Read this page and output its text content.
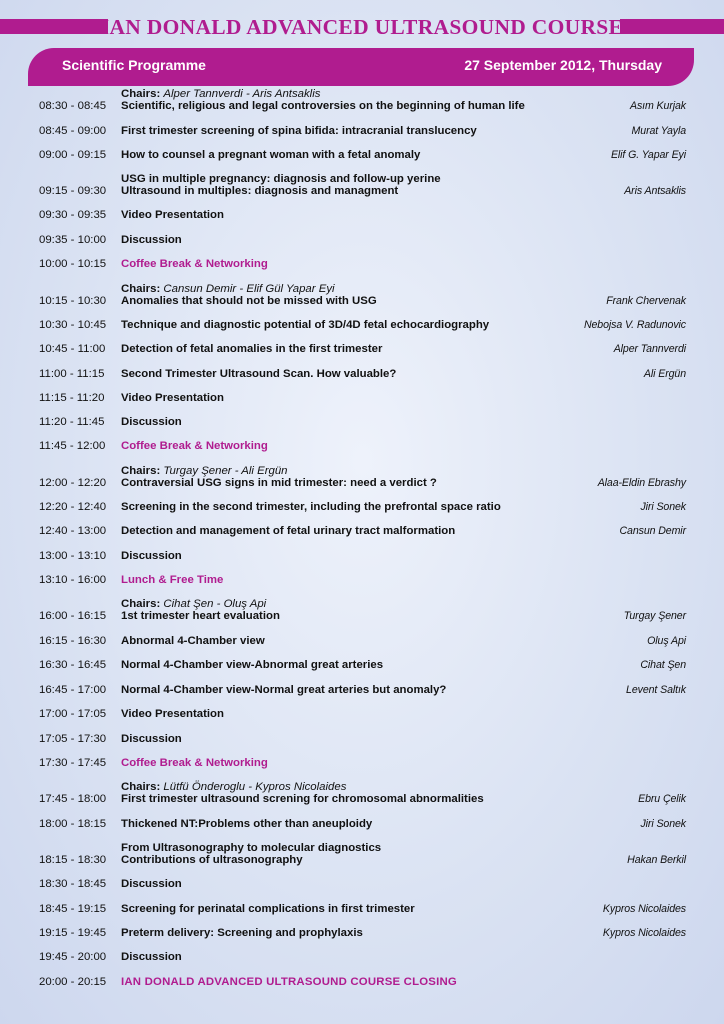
IAN DONALD ADVANCED ULTRASOUND COURSE
Scientific Programme	27 September 2012, Thursday
08:30 - 08:45
Chairs: Alper Tannverdi - Aris Antsaklis
Scientific, religious and legal controversies on the beginning of human life	Asım Kurjak
08:45 - 09:00 First trimester screening of spina bifida: intracranial translucency	Murat Yayla
09:00 - 09:15 How to counsel a pregnant woman with a fetal anomaly	Elif G. Yapar Eyi
09:15 - 09:30
USG in multiple pregnancy: diagnosis and follow-up yerine
Ultrasound in multiples: diagnosis and managment	Aris Antsaklis
09:30 - 09:35 Video Presentation
09:35 - 10:00 Discussion
10:00 - 10:15 Coffee Break & Networking
10:15 - 10:30
Chairs: Cansun Demir - Elif Gül Yapar Eyi
Anomalies that should not be missed with USG	Frank Chervenak
10:30 - 10:45 Technique and diagnostic potential of 3D/4D fetal echocardiography	Nebojsa V. Radunovic
10:45 - 11:00 Detection of fetal anomalies in the first trimester	Alper Tannverdi
11:00 - 11:15 Second Trimester Ultrasound Scan. How valuable?	Ali Ergün
11:15 - 11:20 Video Presentation
11:20 - 11:45 Discussion
11:45 - 12:00 Coffee Break & Networking
12:00 - 12:20
Chairs: Turgay Şener - Ali Ergün
Contraversial USG signs in mid trimester: need a verdict ?	Alaa-Eldin Ebrashy
12:20 - 12:40 Screening in the second trimester, including the prefrontal space ratio	Jiri Sonek
12:40 - 13:00 Detection and management of fetal urinary tract malformation	Cansun Demir
13:00 - 13:10 Discussion
13:10 - 16:00 Lunch & Free Time
16:00 - 16:15
Chairs: Cihat Şen - Oluş Api
1st trimester heart evaluation	Turgay Şener
16:15 - 16:30 Abnormal 4-Chamber view	Oluş Api
16:30 - 16:45 Normal 4-Chamber view-Abnormal great arteries	Cihat Şen
16:45 - 17:00 Normal 4-Chamber view-Normal great arteries but anomaly?	Levent Saltık
17:00 - 17:05 Video Presentation
17:05 - 17:30 Discussion
17:30 - 17:45 Coffee Break & Networking
17:45 - 18:00
Chairs: Lütfü Önderoglu - Kypros Nicolaides
First trimester ultrasound screning for chromosomal abnormalities	Ebru Çelik
18:00 - 18:15 Thickened NT:Problems other than aneuploidy	Jiri Sonek
18:15 - 18:30
From Ultrasonography to molecular diagnostics
Contributions of ultrasonography	Hakan Berkil
18:30 - 18:45 Discussion
18:45 - 19:15 Screening for perinatal complications in first trimester	Kypros Nicolaides
19:15 - 19:45 Preterm delivery: Screening and prophylaxis	Kypros Nicolaides
19:45 - 20:00 Discussion
20:00 - 20:15 IAN DONALD ADVANCED ULTRASOUND COURSE CLOSING
